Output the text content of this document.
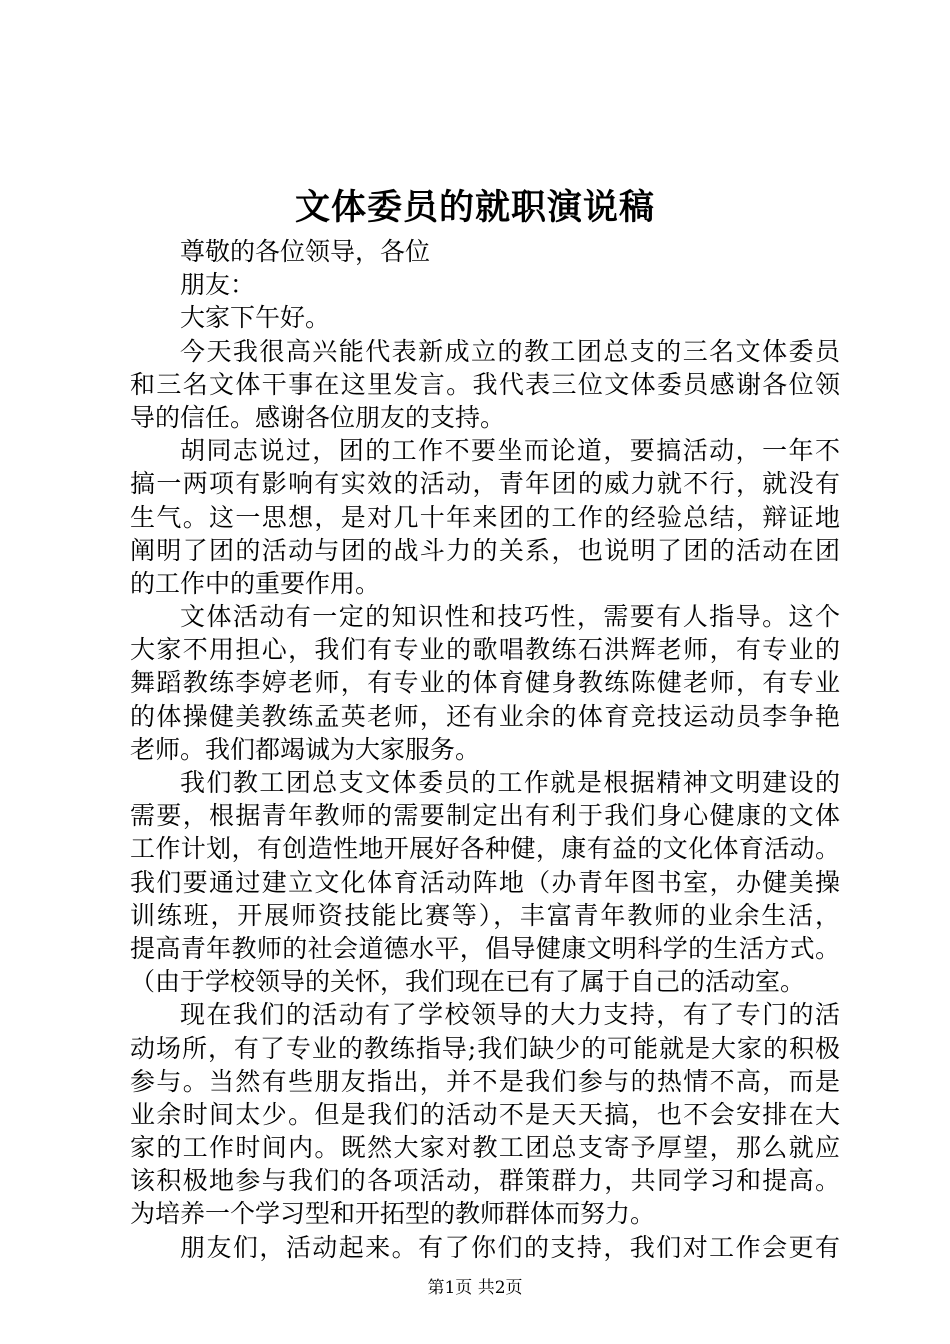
文体委员的就职演说稿
尊敬的各位领导，各位
朋友：
大家下午好。
今天我很高兴能代表新成立的教工团总支的三名文体委员
和三名文体干事在这里发言。我代表三位文体委员感谢各位领
导的信任。感谢各位朋友的支持。
胡同志说过，团的工作不要坐而论道，要搞活动，一年不
搞一两项有影响有实效的活动，青年团的威力就不行，就没有
生气。这一思想，是对几十年来团的工作的经验总结，辩证地
阐明了团的活动与团的战斗力的关系，也说明了团的活动在团
的工作中的重要作用。
文体活动有一定的知识性和技巧性，需要有人指导。这个
大家不用担心，我们有专业的歌唱教练石洪辉老师，有专业的
舞蹈教练李婷老师，有专业的体育健身教练陈健老师，有专业
的体操健美教练孟英老师，还有业余的体育竞技运动员李争艳
老师。我们都竭诚为大家服务。
我们教工团总支文体委员的工作就是根据精神文明建设的
需要，根据青年教师的需要制定出有利于我们身心健康的文体
工作计划，有创造性地开展好各种健，康有益的文化体育活动。
我们要通过建立文化体育活动阵地（办青年图书室，办健美操
训练班，开展师资技能比赛等），丰富青年教师的业余生活，
提高青年教师的社会道德水平，倡导健康文明科学的生活方式。
（由于学校领导的关怀，我们现在已有了属于自己的活动室。
现在我们的活动有了学校领导的大力支持，有了专门的活
动场所，有了专业的教练指导;我们缺少的可能就是大家的积极
参与。当然有些朋友指出，并不是我们参与的热情不高，而是
业余时间太少。但是我们的活动不是天天搞，也不会安排在大
家的工作时间内。既然大家对教工团总支寄予厚望，那么就应
该积极地参与我们的各项活动，群策群力，共同学习和提高。
为培养一个学习型和开拓型的教师群体而努力。
朋友们，活动起来。有了你们的支持，我们对工作会更有
第1页 共2页
